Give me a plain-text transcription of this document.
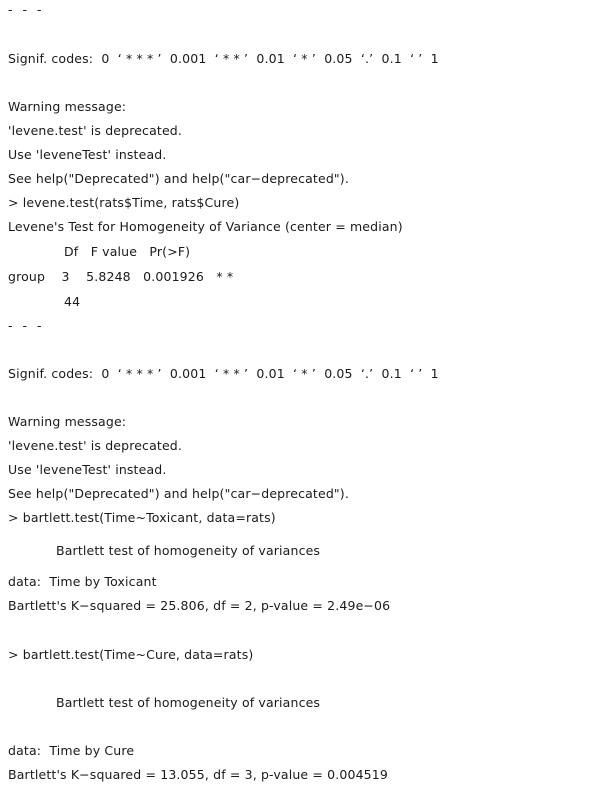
- - -
Signif. codes:  0  ‘ * * * ’  0.001  ‘ * * ’  0.01  ‘ * ’  0.05  ‘.’  0.1  ‘ ’  1
Warning message:
'levene.test' is deprecated.
Use 'leveneTest' instead.
See help("Deprecated") and help("car−deprecated").
> levene.test(rats$Time, rats$Cure)
Levene's Test for Homogeneity of Variance (center = median)
Df   F value   Pr(>F)
group    3    5.8248   0.001926   * *
44
- - -
Signif. codes:  0  ‘ * * * ’  0.001  ‘ * * ’  0.01  ‘ * ’  0.05  ‘.’  0.1  ‘ ’  1
Warning message:
'levene.test' is deprecated.
Use 'leveneTest' instead.
See help("Deprecated") and help("car−deprecated").
> bartlett.test(Time~Toxicant, data=rats)
Bartlett test of homogeneity of variances
data:  Time by Toxicant
Bartlett's K−squared = 25.806, df = 2, p-value = 2.49e−06
> bartlett.test(Time~Cure, data=rats)
Bartlett test of homogeneity of variances
data:  Time by Cure
Bartlett's K−squared = 13.055, df = 3, p-value = 0.004519
